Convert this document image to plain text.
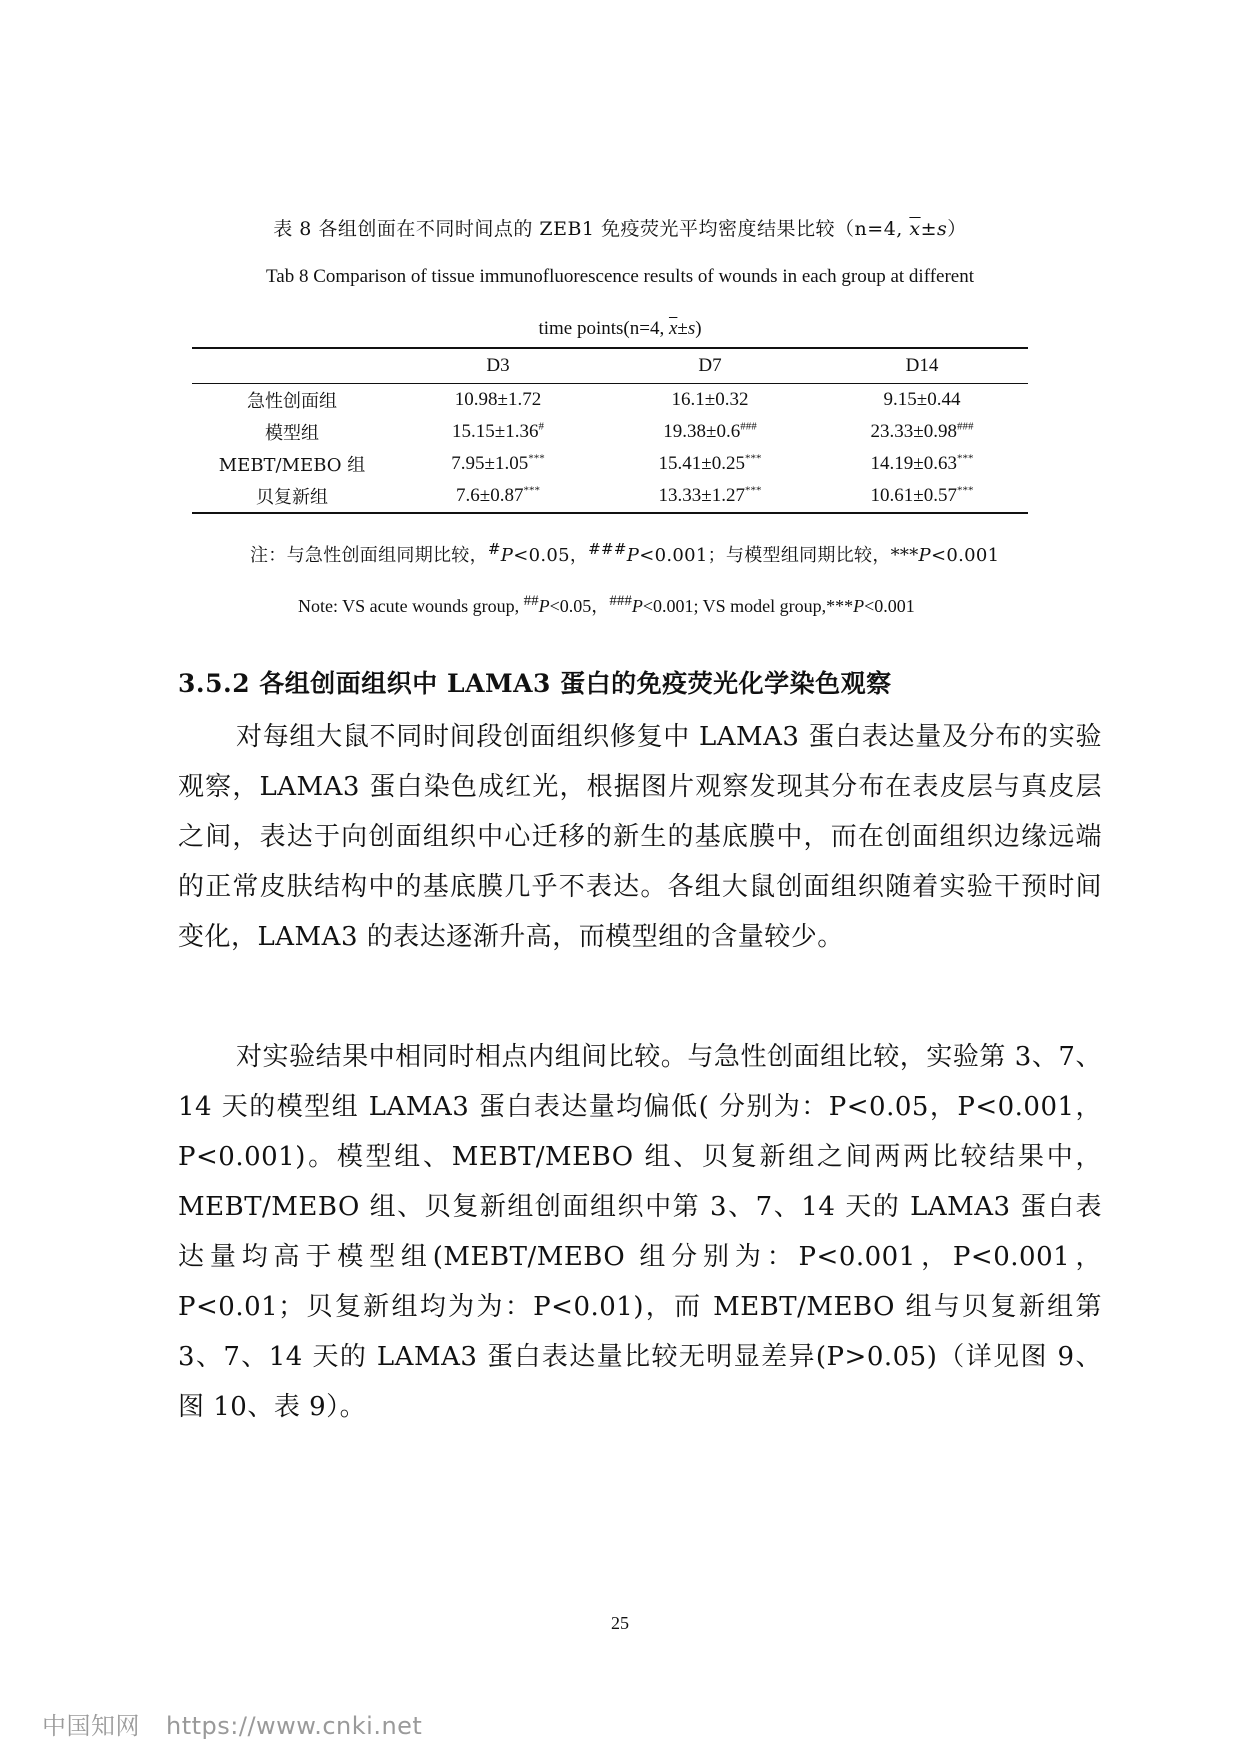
表 8 各组创面在不同时间点的 ZEB1 免疫荧光平均密度结果比较（n=4, $\overline{x}\pm s$）
Tab 8 Comparison of tissue immunofluorescence results of wounds in each group at different
time points(n=4, $\overline{x}\pm s$)
	D3	D7	D14
急性创面组	10.98±1.72	16.1±0.32	9.15±0.44
模型组	15.15±1.36#	19.38±0.6###	23.33±0.98###
MEBT/MEBO 组	7.95±1.05***	15.41±0.25***	14.19±0.63***
贝复新组	7.6±0.87***	13.33±1.27***	10.61±0.57***
注：与急性创面组同期比较，#P<0.05，###P<0.001；与模型组同期比较，***P<0.001
Note: VS acute wounds group, ##P<0.05，###P<0.001; VS model group,***P<0.001
3.5.2 各组创面组织中 LAMA3 蛋白的免疫荧光化学染色观察

对每组大鼠不同时间段创面组织修复中 LAMA3 蛋白表达量及分布的实验观察，LAMA3 蛋白染色成红光，根据图片观察发现其分布在表皮层与真皮层之间，表达于向创面组织中心迁移的新生的基底膜中，而在创面组织边缘远端的正常皮肤结构中的基底膜几乎不表达。各组大鼠创面组织随着实验干预时间变化，LAMA3 的表达逐渐升高，而模型组的含量较少。

对实验结果中相同时相点内组间比较。与急性创面组比较，实验第 3、7、14 天的模型组 LAMA3 蛋白表达量均偏低( 分别为：P<0.05，P<0.001，P<0.001)。模型组、MEBT/MEBO 组、贝复新组之间两两比较结果中，MEBT/MEBO 组、贝复新组创面组织中第 3、7、14 天的 LAMA3 蛋白表达量均高于模型组(MEBT/MEBO 组分别为：P<0.001，P<0.001，P<0.01；贝复新组均为为：P<0.01)，而 MEBT/MEBO 组与贝复新组第 3、7、14 天的 LAMA3 蛋白表达量比较无明显差异(P>0.05)（详见图 9、图 10、表 9）。

25
中国知网 https://www.cnki.net
